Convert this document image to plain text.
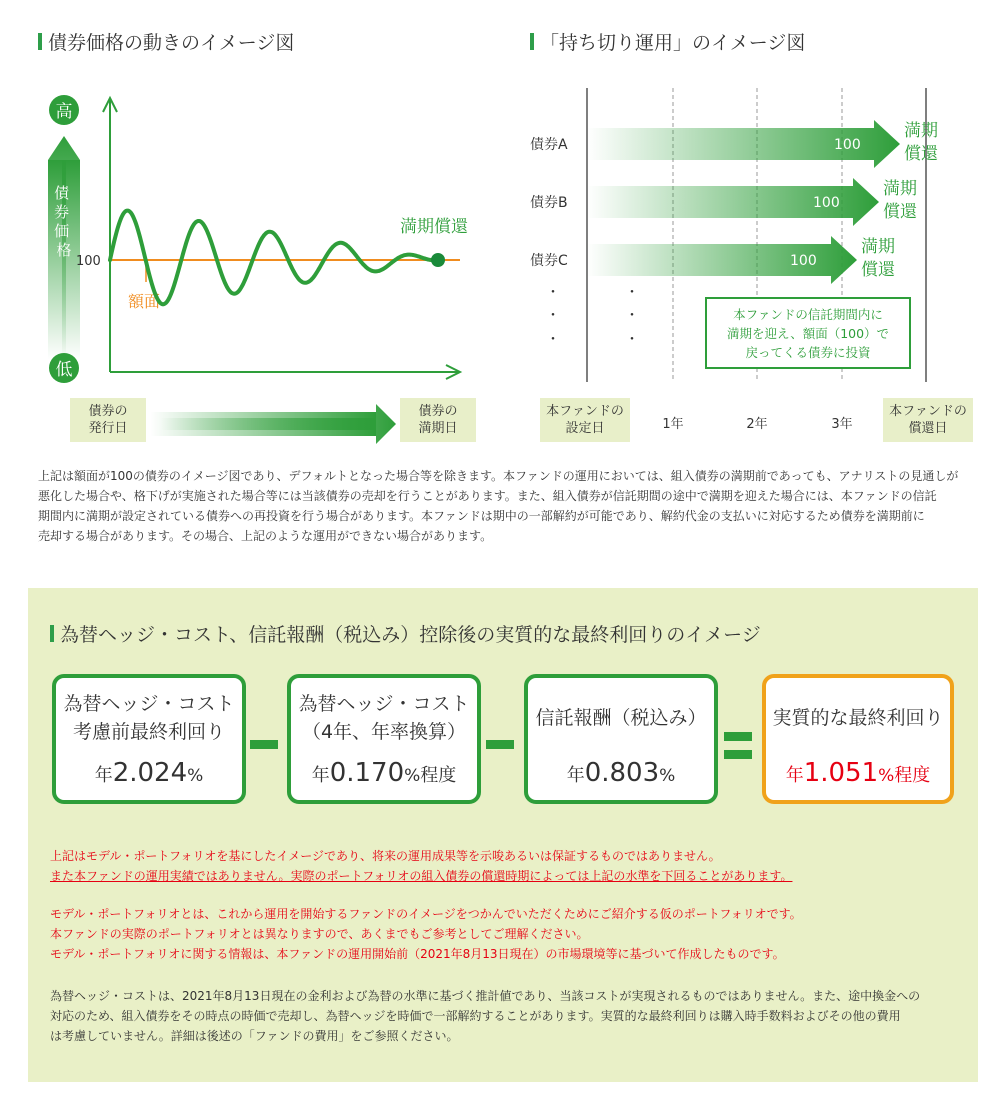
債券価格の動きのイメージ図
高
低
債 券 価 格
100
額面
満期償還
債券A
債券B
債券C
100
100
100
満期
償還
満期
償還
満期
償還
・
・
・
・
・
・
本ファンドの信託期間内に
満期を迎え、額面（100）で
戻ってくる債券に投資
1年	2年	3年
債券の
発行日
債券の
満期日
「持ち切り運用」のイメージ図
本ファンドの
設定日
本ファンドの
償還日
上記は額面が100の債券のイメージ図であり、デフォルトとなった場合等を除きます。本ファンドの運用においては、組入債券の満期前であっても、アナリストの見通しが
悪化した場合や、格下げが実施された場合等には当該債券の売却を行うことがあります。また、組入債券が信託期間の途中で満期を迎えた場合には、本ファンドの信託
期間内に満期が設定されている債券への再投資を行う場合があります。本ファンドは期中の一部解約が可能であり、解約代金の支払いに対応するため債券を満期前に
売却する場合があります。その場合、上記のような運用ができない場合があります。
為替ヘッジ・コスト、信託報酬（税込み）控除後の実質的な最終利回りのイメージ
為替ヘッジ・コスト
考慮前最終利回り
年2.024%
為替ヘッジ・コスト
（4年、年率換算）
年0.170%程度
信託報酬（税込み）
年0.803%
実質的な最終利回り
年1.051%程度
上記はモデル・ポートフォリオを基にしたイメージであり、将来の運用成果等を示唆あるいは保証するものではありません。
また本ファンドの運用実績ではありません。実際のポートフォリオの組入債券の償還時期によっては上記の水準を下回ることがあります。
モデル・ポートフォリオとは、これから運用を開始するファンドのイメージをつかんでいただくためにご紹介する仮のポートフォリオです。
本ファンドの実際のポートフォリオとは異なりますので、あくまでもご参考としてご理解ください。
モデル・ポートフォリオに関する情報は、本ファンドの運用開始前（2021年8月13日現在）の市場環境等に基づいて作成したものです。
為替ヘッジ・コストは、2021年8月13日現在の金利および為替の水準に基づく推計値であり、当該コストが実現されるものではありません。また、途中換金への
対応のため、組入債券をその時点の時価で売却し、為替ヘッジを時価で一部解約することがあります。実質的な最終利回りは購入時手数料およびその他の費用
は考慮していません。詳細は後述の「ファンドの費用」をご参照ください。
